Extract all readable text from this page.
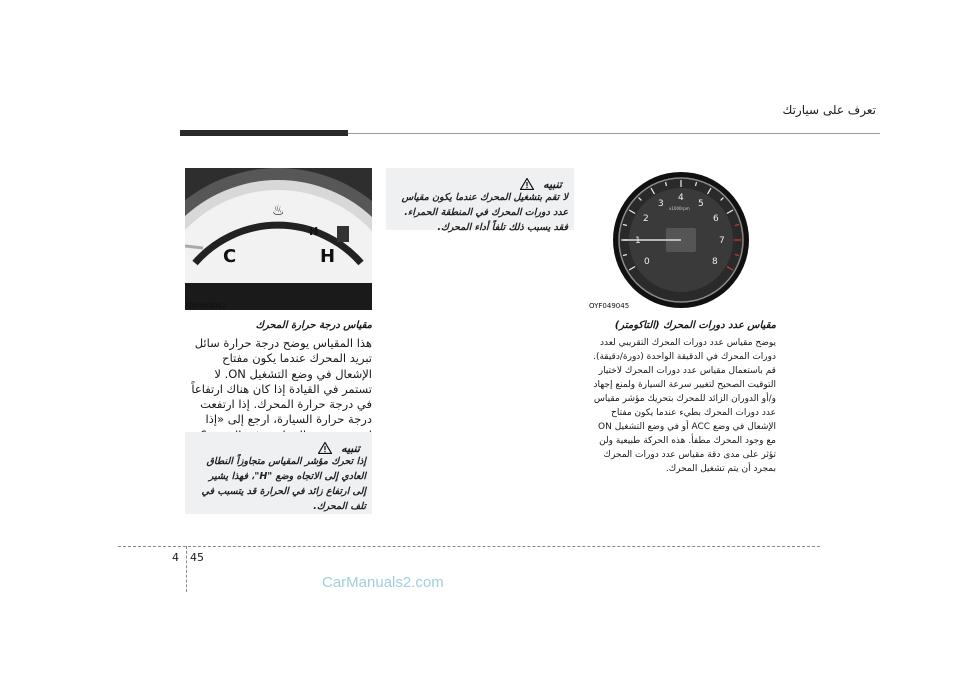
تعرف على سيارتك
C	H
H
♨
OYF049047
0
1
2
3
4
5
6
7
8
x1000rpm
OYF049045
مقياس عدد دورات المحرك (التاكومتر)
يوضح مقياس عدد دورات المحرك التقريبي لعدد دورات المحرك في الدقيقة الواحدة (دورة/دقيقة). قم باستعمال مقياس عدد دورات المحرك لاختيار التوقيت الصحيح لتغيير سرعة السيارة ولمنع إجهاد و/أو الدوران الزائد للمحرك بتحريك مؤشر مقياس عدد دورات المحرك بطيء عندما يكون مفتاح الإشعال في وضع ACC أو في وضع التشغيل ON مع وجود المحرك مطفأ. هذه الحركة طبيعية ولن تؤثر على مدى دقة مقياس عدد دورات المحرك بمجرد أن يتم تشغيل المحرك.
تنبيه
لا تقم بتشغيل المحرك عندما يكون مقياس عدد دورات المحرك في المنطقة الحمراء. فقد يسبب ذلك تلفاً أداء المحرك.
مقياس درجة حرارة المحرك
هذا المقياس يوضح درجة حرارة سائل تبريد المحرك عندما يكون مفتاح الإشعال في وضع التشغيل ON. لا تستمر في القيادة إذا كان هناك ارتفاعاً في درجة حرارة المحرك. إذا ارتفعت درجة حرارة السيارة، ارجع إلى «إذا
تنبيه
إذا تحرك مؤشر المقياس متجاوزاً النطاق العادي إلى الاتجاه وضع "H"، فهذا يشير إلى ارتفاع زائد في الحرارة قد يتسبب في تلف المحرك.
4 45
CarManuals2.com
